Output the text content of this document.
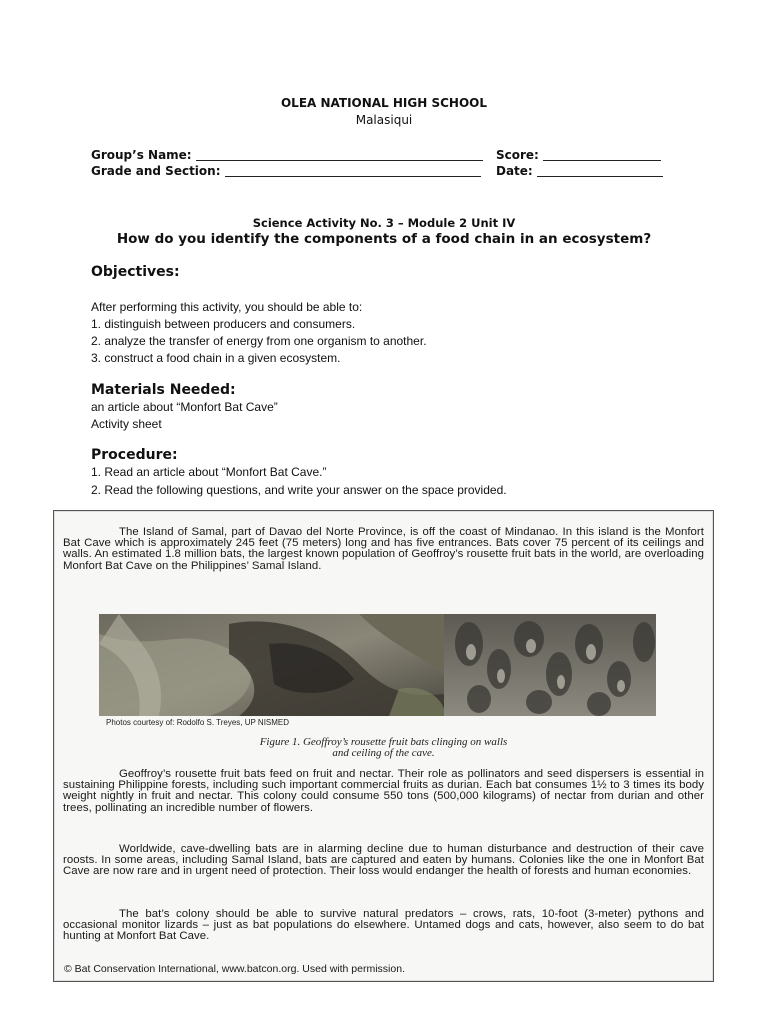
OLEA NATIONAL HIGH SCHOOL
Malasiqui
Group’s Name:	Score:
Grade and Section:	Date:
Science Activity No. 3 – Module 2 Unit IV
How do you identify the components of a food chain in an ecosystem?
Objectives:
After performing this activity, you should be able to:
1. distinguish between producers and consumers.
2. analyze the transfer of energy from one organism to another.
3. construct a food chain in a given ecosystem.
Materials Needed:
an article about “Monfort Bat Cave”
Activity sheet
Procedure:
1. Read an article about “Monfort Bat Cave.”
2. Read the following questions, and write your answer on the space provided.
The Island of Samal, part of Davao del Norte Province, is off the coast of Mindanao. In this island is the Monfort Bat Cave which is approximately 245 feet (75 meters) long and has five entrances. Bats cover 75 percent of its ceilings and walls. An estimated 1.8 million bats, the largest known population of Geoffroy’s rousette fruit bats in the world, are overloading Monfort Bat Cave on the Philippines’ Samal Island.
Photos courtesy of: Rodolfo S. Treyes, UP NISMED
Figure 1. Geoffroy’s rousette fruit bats clinging on walls
and ceiling of the cave.
Geoffroy’s rousette fruit bats feed on fruit and nectar. Their role as pollinators and seed dispersers is essential in sustaining Philippine forests, including such important commercial fruits as durian. Each bat consumes 1½ to 3 times its body weight nightly in fruit and nectar. This colony could consume 550 tons (500,000 kilograms) of nectar from durian and other trees, pollinating an incredible number of flowers.
Worldwide, cave-dwelling bats are in alarming decline due to human disturbance and destruction of their cave roosts. In some areas, including Samal Island, bats are captured and eaten by humans. Colonies like the one in Monfort Bat Cave are now rare and in urgent need of protection. Their loss would endanger the health of forests and human economies.
The bat’s colony should be able to survive natural predators – crows, rats, 10-foot (3-meter) pythons and occasional monitor lizards – just as bat populations do elsewhere. Untamed dogs and cats, however, also seem to do bat hunting at Monfort Bat Cave.
© Bat Conservation International, www.batcon.org. Used with permission.
